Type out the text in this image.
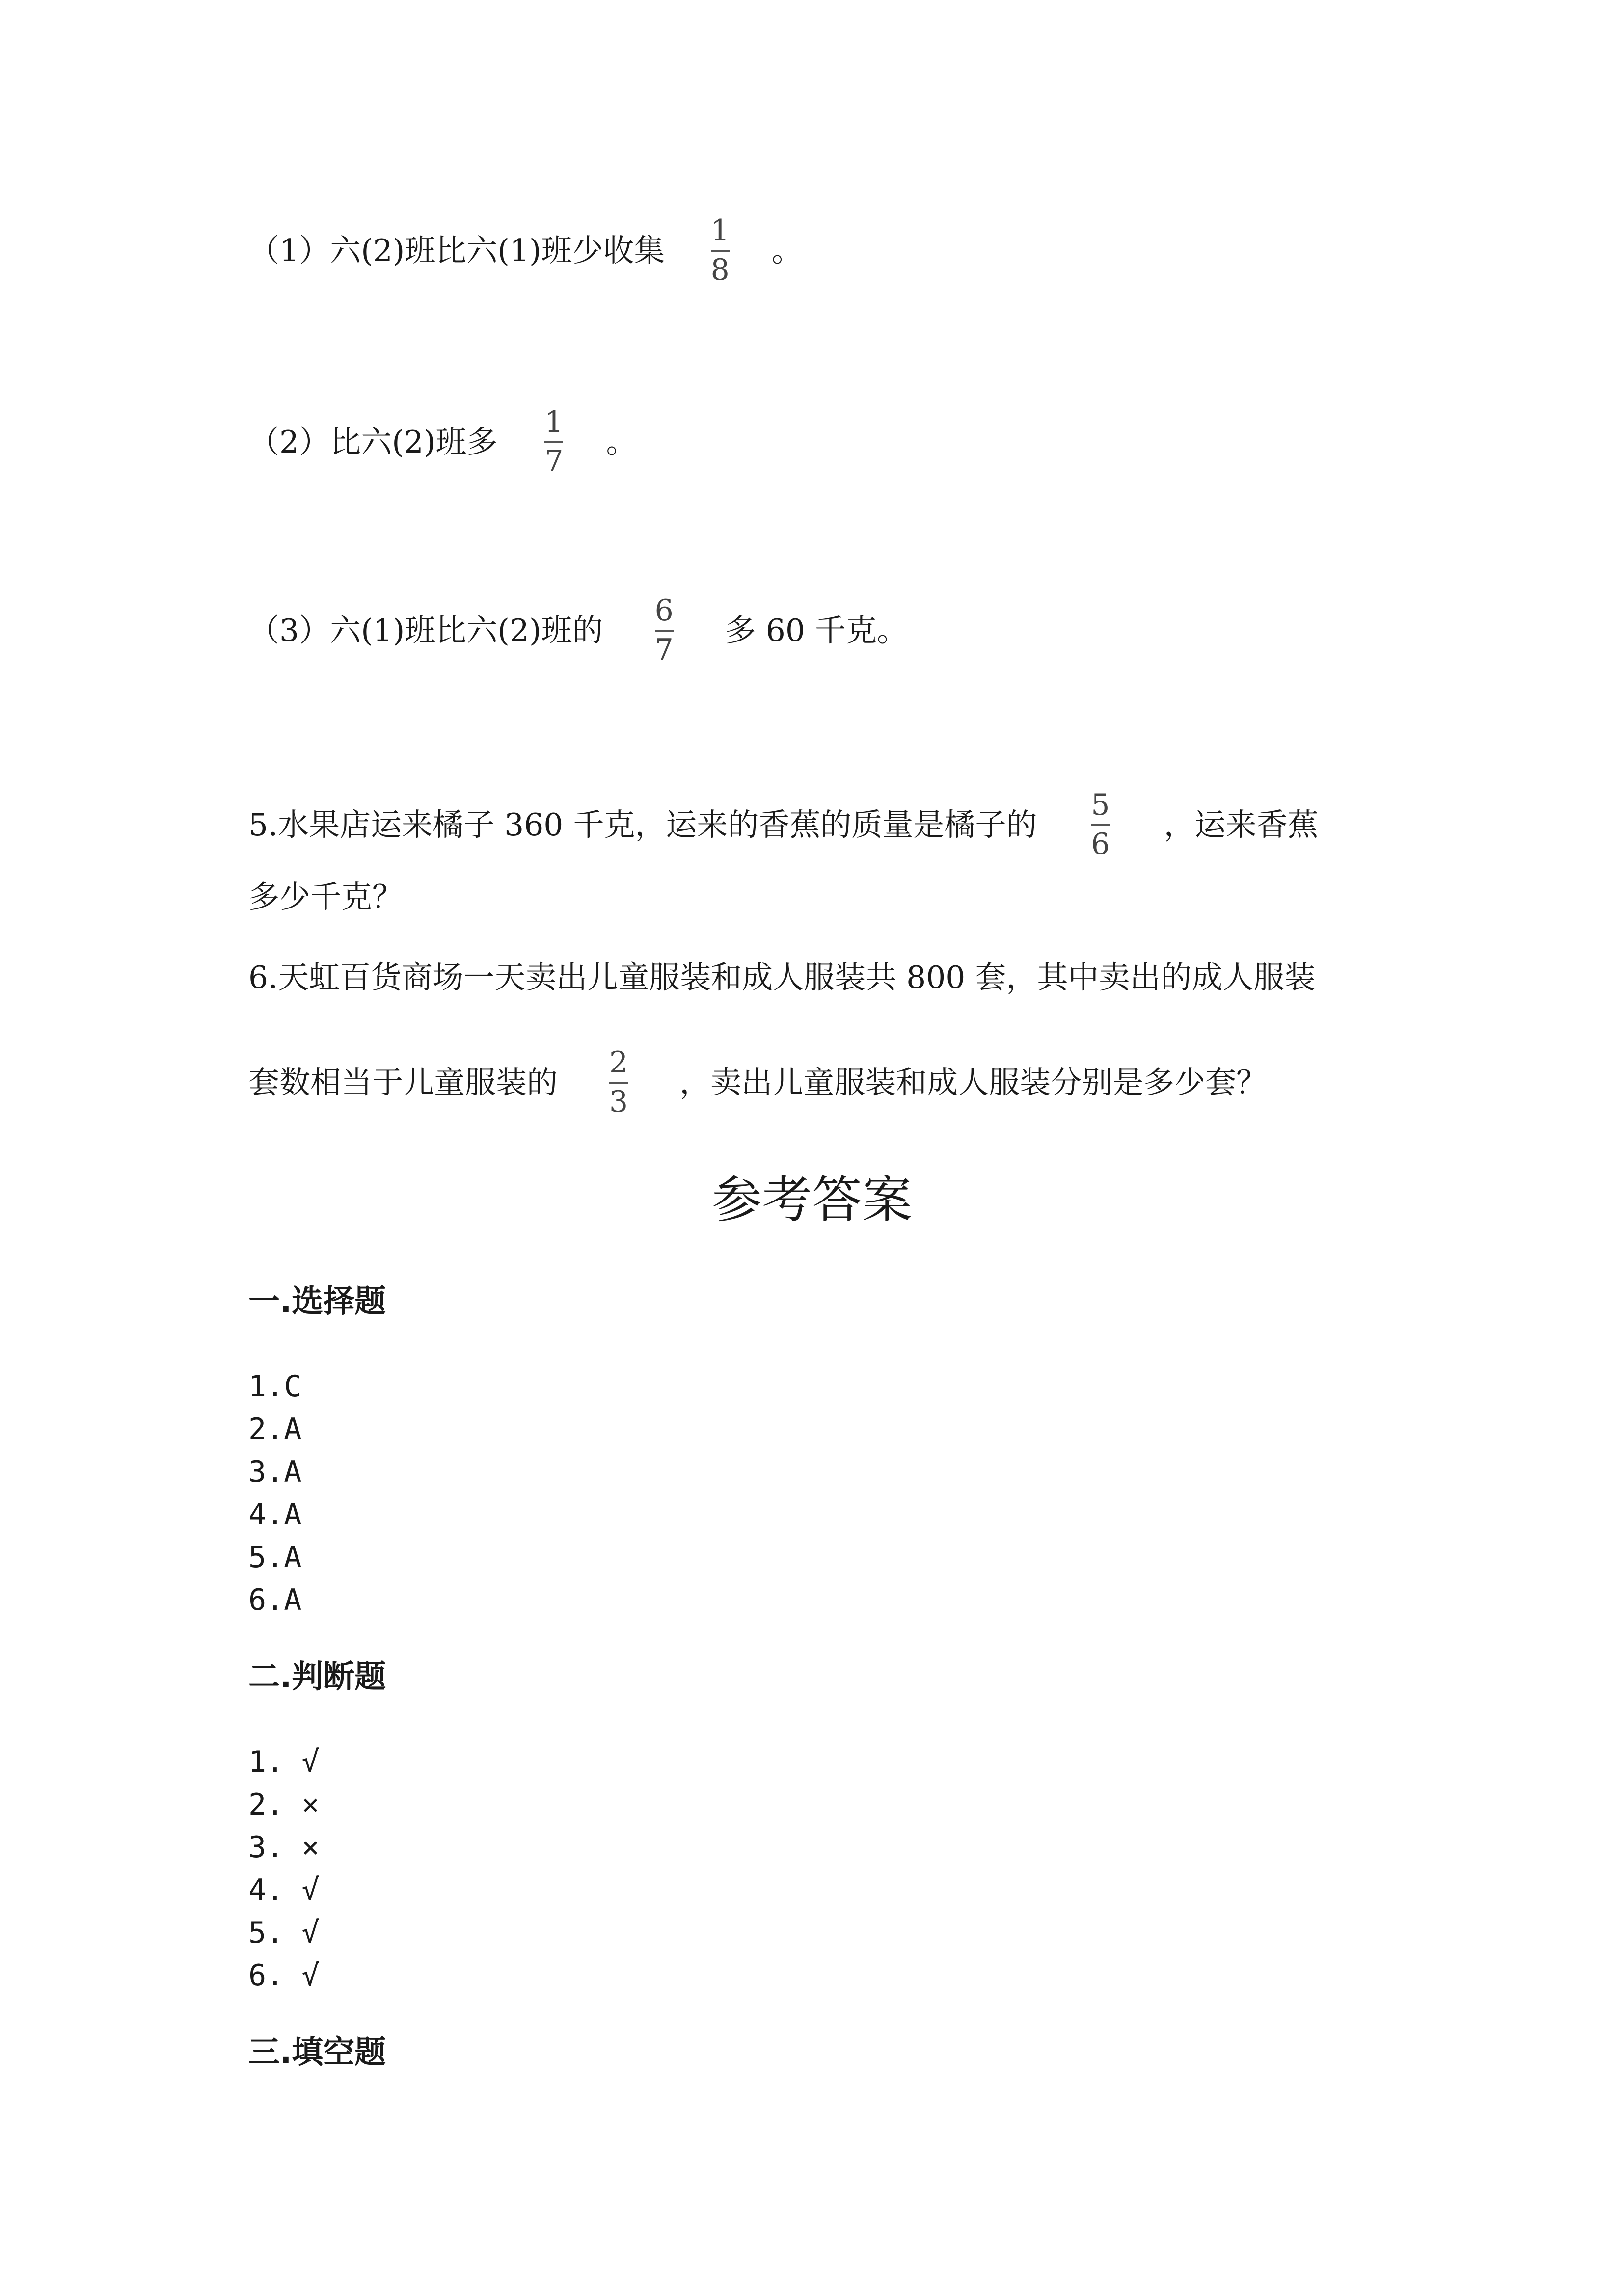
（1）六(2)班比六(1)班少收集 $\frac{1}{8}$ 。
（2）比六(2)班多 $\frac{1}{7}$ 。
（3）六(1)班比六(2)班的 $\frac{6}{7}$ 多 60 千克。
5.水果店运来橘子 360 千克，运来的香蕉的质量是橘子的 $\frac{5}{6}$ ，运来香蕉
多少千克？
6.天虹百货商场一天卖出儿童服装和成人服装共 800 套，其中卖出的成人服装
套数相当于儿童服装的 $\frac{2}{3}$ ，卖出儿童服装和成人服装分别是多少套？
参考答案
一.选择题
1.C
2.A
3.A
4.A
5.A
6.A
二.判断题
1. √
2. ×
3. ×
4. √
5. √
6. √
三.填空题
